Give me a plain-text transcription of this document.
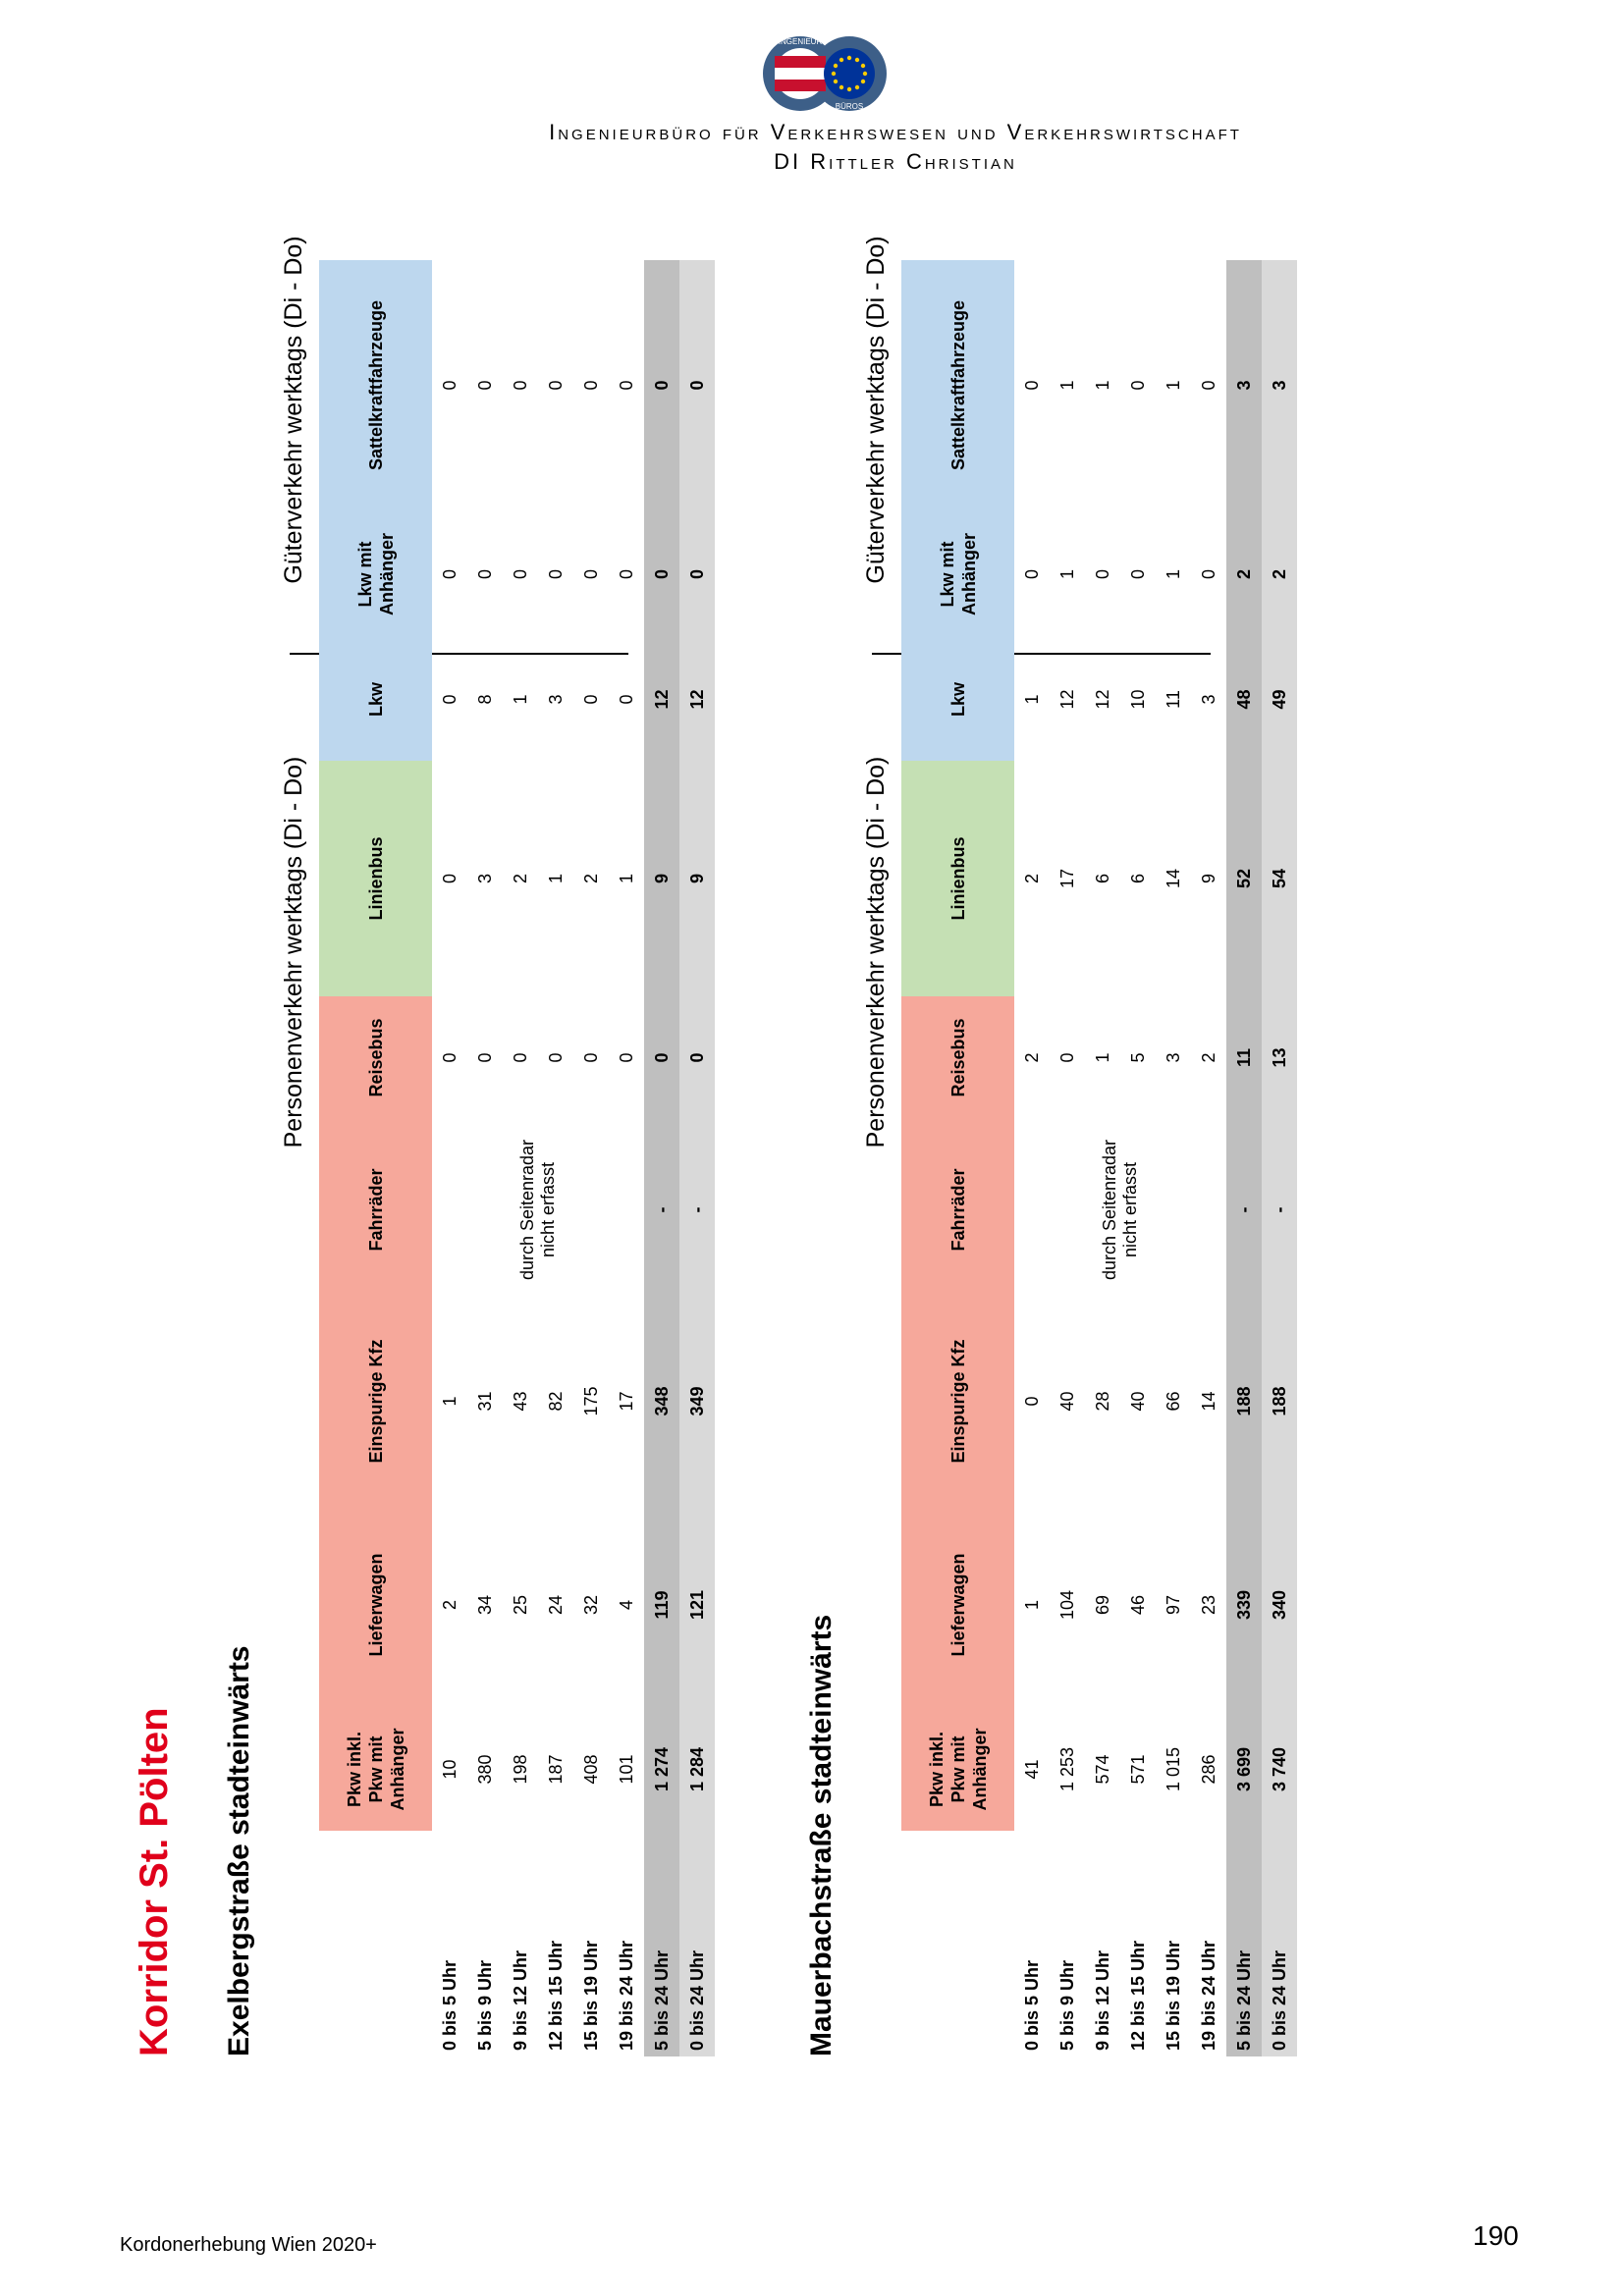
INGENIEUR
BÜROS
Ingenieurbüro für Verkehrswesen und Verkehrswirtschaft
DI Rittler Christian
Korridor St. Pölten Exelbergstraße stadteinwärts
Personenverkehr werktags (Di - Do)
Güterverkehr werktags (Di - Do)
	Pkw inkl. Pkw mit Anhänger	Lieferwagen	Einspurige Kfz	Fahrräder	Reisebus	Linienbus	Lkw	Lkw mit Anhänger	Sattelkraftfahrzeuge
0 bis 5 Uhr	10	2	1	durch Seitenradar nicht erfasst	0	0	0	0	0
5 bis 9 Uhr	380	34	31		0	3	8	0	0
9 bis 12 Uhr	198	25	43		0	2	1	0	0
12 bis 15 Uhr	187	24	82		0	1	3	0	0
15 bis 19 Uhr	408	32	175		0	2	0	0	0
19 bis 24 Uhr	101	4	17		0	1	0	0	0
5 bis 24 Uhr	1 274	119	348	-	0	9	12	0	0
0 bis 24 Uhr	1 284	121	349	-	0	9	12	0	0
Mauerbachstraße stadteinwärts
Personenverkehr werktags (Di - Do)
Güterverkehr werktags (Di - Do)
	Pkw inkl. Pkw mit Anhänger	Lieferwagen	Einspurige Kfz	Fahrräder	Reisebus	Linienbus	Lkw	Lkw mit Anhänger	Sattelkraftfahrzeuge
0 bis 5 Uhr	41	1	0	durch Seitenradar nicht erfasst	2	2	1	0	0
5 bis 9 Uhr	1 253	104	40		0	17	12	1	1
9 bis 12 Uhr	574	69	28		1	6	12	0	1
12 bis 15 Uhr	571	46	40		5	6	10	0	0
15 bis 19 Uhr	1 015	97	66		3	14	11	1	1
19 bis 24 Uhr	286	23	14		2	9	3	0	0
5 bis 24 Uhr	3 699	339	188	-	11	52	48	2	3
0 bis 24 Uhr	3 740	340	188	-	13	54	49	2	3
Kordonerhebung Wien 2020+	190
